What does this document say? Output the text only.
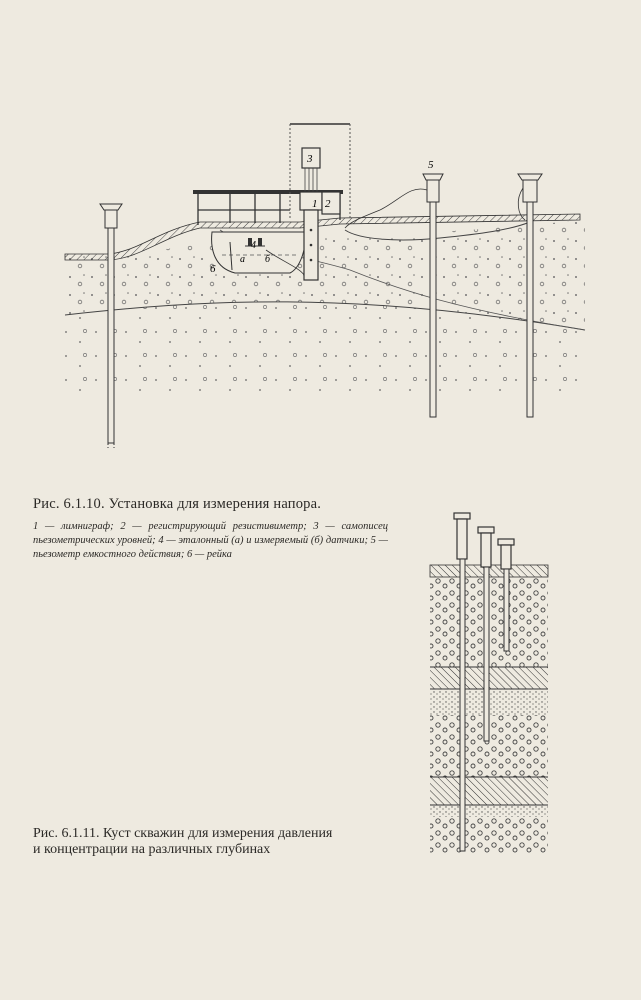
3
1 2
5
4
а б
6

Рис. 6.1.10. Установка для измерения напора.

1 — лимниграф; 2 — регистрирующий резистивиметр; 3 — самописец пьезометрических уровней; 4 — эталонный (а) и измеряемый (б) датчики; 5 — пьезометр емкостного действия; 6 — рейка

Рис. 6.1.11. Куст скважин для измерения давления
и концентрации на различных глубинах
